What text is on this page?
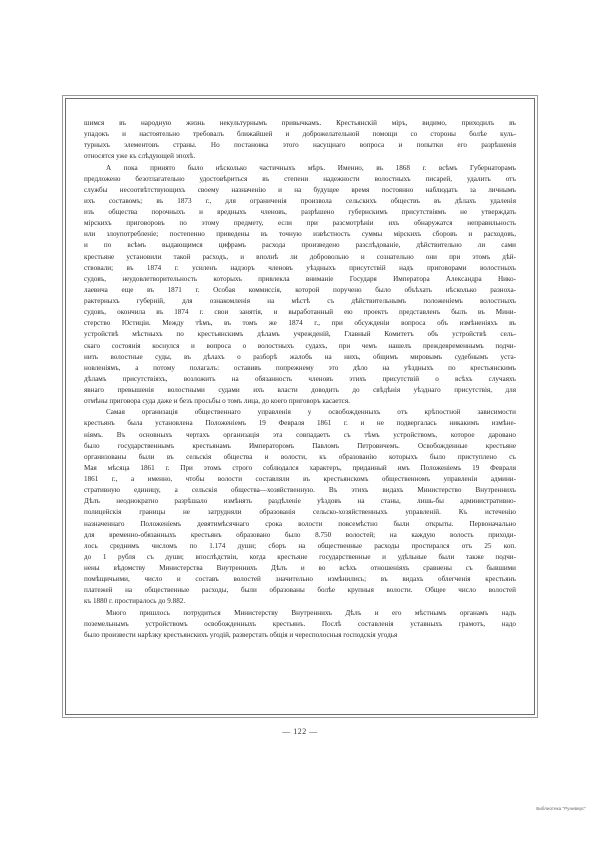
шимся въ народную жизнь некультурнымъ привычкамъ. Крестьянскій міръ, видимо, приходилъ въ
упадокъ и настоятельно требовалъ ближайшей и доброжелательной помощи со стороны болѣе куль-
турныхъ элементовъ страны. Но постановка этого насущнаго вопроса и попытки его разрѣшенія
относятся уже къ слѣдующей эпохѣ.

А пока принято было нѣсколько частичныхъ мѣръ. Именно, въ 1868 г. всѣмъ Губернаторамъ
предложено безотлагательно удостовѣриться въ степени надежности волостныхъ писарей, удалить отъ
службы несоотвѣтствующихъ своему назначенію и на будущее время постоянно наблюдать за личнымъ
ихъ составомъ; въ 1873 г., для ограниченія произвола сельскихъ обществъ въ дѣлахъ удаленія
изъ общества порочныхъ и вредныхъ членовъ, разрѣшено губернскимъ присутствіямъ не утверждать
мірскихъ приговоровъ по этому предмету, если при разсмотрѣніи ихъ обнаружатся неправильность
или злоупотребленіе; постепенно приведены въ точную извѣстность суммы мірскихъ сборовъ и расходовъ,
и по всѣмъ выдающимся цифрамъ расхода произведено разслѣдованіе, дѣйствительно ли сами
крестьяне установили такой расходъ, и вполнѣ ли добровольно и сознательно они при этомъ дѣй-
ствовали; въ 1874 г. усиленъ надзоръ членовъ уѣздныхъ присутствій надъ приговорами волостныхъ
судовъ, неудовлетворительность которыхъ привлекла вниманіе Государя Императора Александра Нико-
лаевича еще въ 1871 г. Особая коммиссія, которой поручено было объѣхать нѣсколько разноха-
рактерныхъ губерній, для ознакомленія на мѣстѣ съ дѣйствительнымъ положеніемъ волостныхъ
судовъ, окончила въ 1874 г. свои занятія, и выработанный ею проектъ представленъ былъ въ Мини-
стерство Юстиціи. Между тѣмъ, въ томъ же 1874 г., при обсужденіи вопроса объ измѣненіяхъ въ
устройствѣ мѣстныхъ по крестьянскимъ дѣламъ учрежденій, Главный Комитетъ объ устройствѣ сель-
скаго состоянія коснулся и вопроса о волостныхъ судахъ, при чемъ нашелъ преждевременнымъ подчи-
нить волостные суды, въ дѣлахъ о разборѣ жалобъ на нихъ, общимъ мировымъ судебнымъ уста-
новленіямъ, а потому полагалъ: оставивъ попрежнему это дѣло на уѣздныхъ по крестьянскимъ
дѣламъ присутствіяхъ, возложить на обязанность членовъ этихъ присутствій о всѣхъ случаяхъ
явнаго превышенія волостными судами ихъ власти доводить до свѣдѣнія уѣзднаго присутствія, для
отмѣны приговора суда даже и безъ просьбы о томъ лица, до коего приговоръ касается.

Самая организація общественнаго управленія у освобожденныхъ отъ крѣпостной зависимости
крестьянъ была установлена Положеніемъ 19 Февраля 1861 г. и не подвергалась никакимъ измѣне-
ніямъ. Въ основныхъ чертахъ организація эта совпадаетъ съ тѣмъ устройствомъ, которое даровано
было государственнымъ крестьянамъ Императоромъ Павломъ Петровичемъ. Освобожденные крестьяне
организованы были въ сельскія общества и волости, къ образованію которыхъ было приступлено съ
Мая мѣсяца 1861 г. При этомъ строго соблюдался характеръ, приданный имъ Положеніемъ 19 Февраля
1861 г., а именно, чтобы волости составляли въ крестьянскомъ общественномъ управленіи админи-
стративную единицу, а сельскія общества—хозяйственную. Въ этихъ видахъ Министерство Внутреннихъ
Дѣлъ неоднократно разрѣшало измѣнять раздѣленіе уѣздовъ на станы, лишь-бы административно-
полицейскія границы не затрудняли образованія сельско-хозяйственныхъ управленій. Къ истеченію
назначеннаго Положеніемъ девятимѣсячнаго срока волости повсемѣстно были открыты. Первоначально
для временно-обязанныхъ крестьянъ образовано было 8.750 волостей; на каждую волость приходи-
лось среднимъ числомъ по 1.174 души; сборъ на общественные расходы простирался отъ 25 коп.
до 1 рубля съ души; впослѣдствіи, когда крестьяне государственные и удѣльные были также подчи-
нены вѣдомству Министерства Внутреннихъ Дѣлъ и во всѣхъ отношеніяхъ сравнены съ бывшими
помѣщичьими, число и составъ волостей значительно измѣнились; въ видахъ облегченія крестьянъ
платежей на общественные расходы, были образованы болѣе крупныя волости. Общее число волостей
къ 1880 г. простиралось до 9.882.

Много пришлось потрудиться Министерству Внутреннихъ Дѣлъ и его мѣстнымъ органамъ надъ
поземельнымъ устройствомъ освобожденныхъ крестьянъ. Послѣ составленія уставныхъ грамотъ, надо
было произвести нарѣзку крестьянскихъ угодій, разверстать общія и чересполосныя господскія угодья

— 122 —
Библиотека "Руниверс"
